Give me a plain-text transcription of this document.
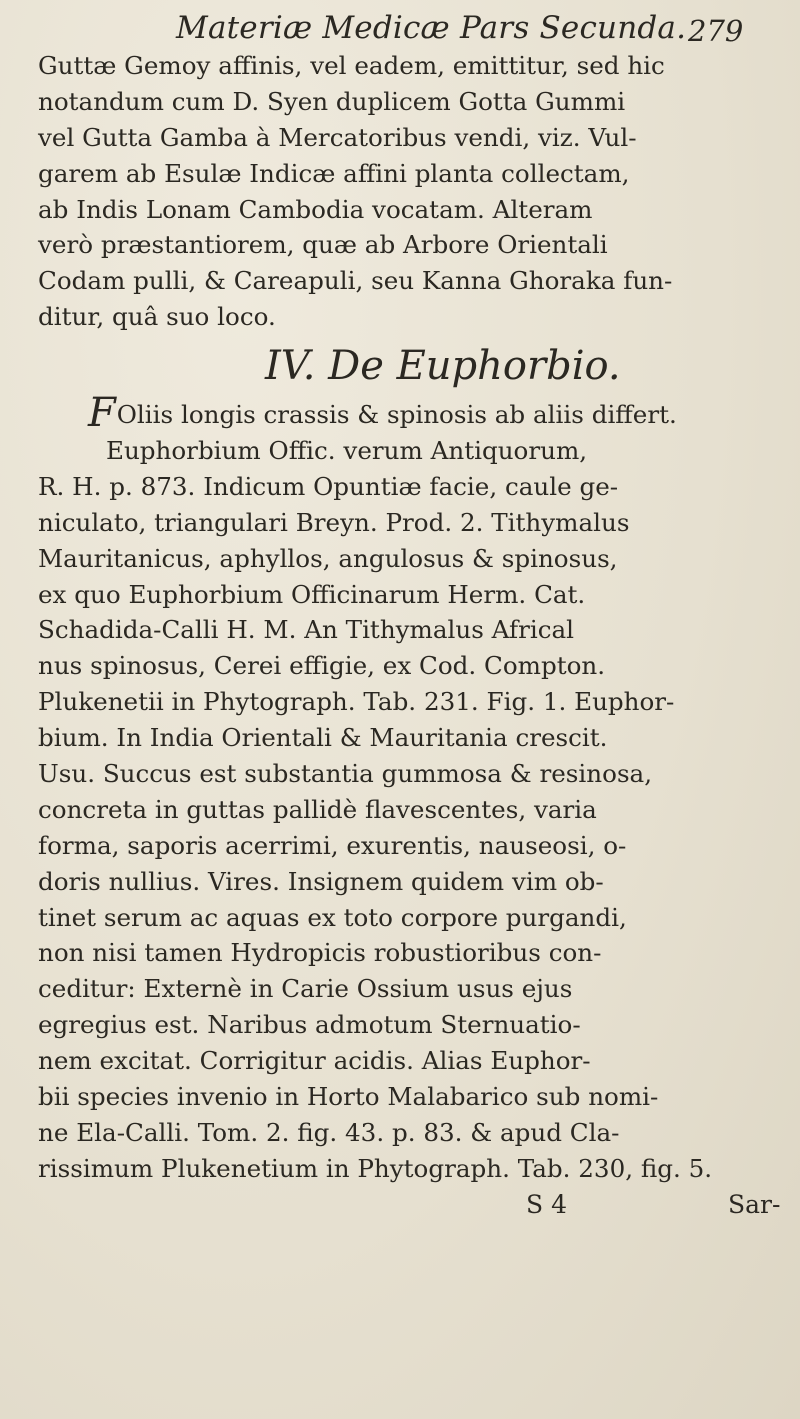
Materiæ Medicæ Pars Secunda. 279
Guttæ Gemoy affinis, vel eadem, emittitur, sed hic
notandum cum D. Syen duplicem Gotta Gummi
vel Gutta Gamba à Mercatoribus vendi, viz. Vul-
garem ab Esulæ Indicæ affini planta collectam,
ab Indis Lonam Cambodia vocatam. Alteram
verò præstantiorem, quæ ab Arbore Orientali
Codam pulli, & Careapuli, seu Kanna Ghoraka fun-
ditur, quâ suo loco.
IV. De Euphorbio.
FOliis longis crassis & spinosis ab aliis differt.
Euphorbium Offic. verum Antiquorum,
R. H. p. 873. Indicum Opuntiæ facie, caule ge-
niculato, triangulari Breyn. Prod. 2. Tithymalus
Mauritanicus, aphyllos, angulosus & spinosus,
ex quo Euphorbium Officinarum Herm. Cat.
Schadida-Calli H. M. An Tithymalus Africal
nus spinosus, Cerei effigie, ex Cod. Compton.
Plukenetii in Phytograph. Tab. 231. Fig. 1. Euphor-
bium. In India Orientali & Mauritania crescit.
Usu. Succus est substantia gummosa & resinosa,
concreta in guttas pallidè flavescentes, varia
forma, saporis acerrimi, exurentis, nauseosi, o-
doris nullius. Vires. Insignem quidem vim ob-
tinet serum ac aquas ex toto corpore purgandi,
non nisi tamen Hydropicis robustioribus con-
ceditur: Externè in Carie Ossium usus ejus
egregius est. Naribus admotum Sternuatio-
nem excitat. Corrigitur acidis. Alias Euphor-
bii species invenio in Horto Malabarico sub nomi-
ne Ela-Calli. Tom. 2. fig. 43. p. 83. & apud Cla-
rissimum Plukenetium in Phytograph. Tab. 230, fig. 5.
S 4	Sar-
